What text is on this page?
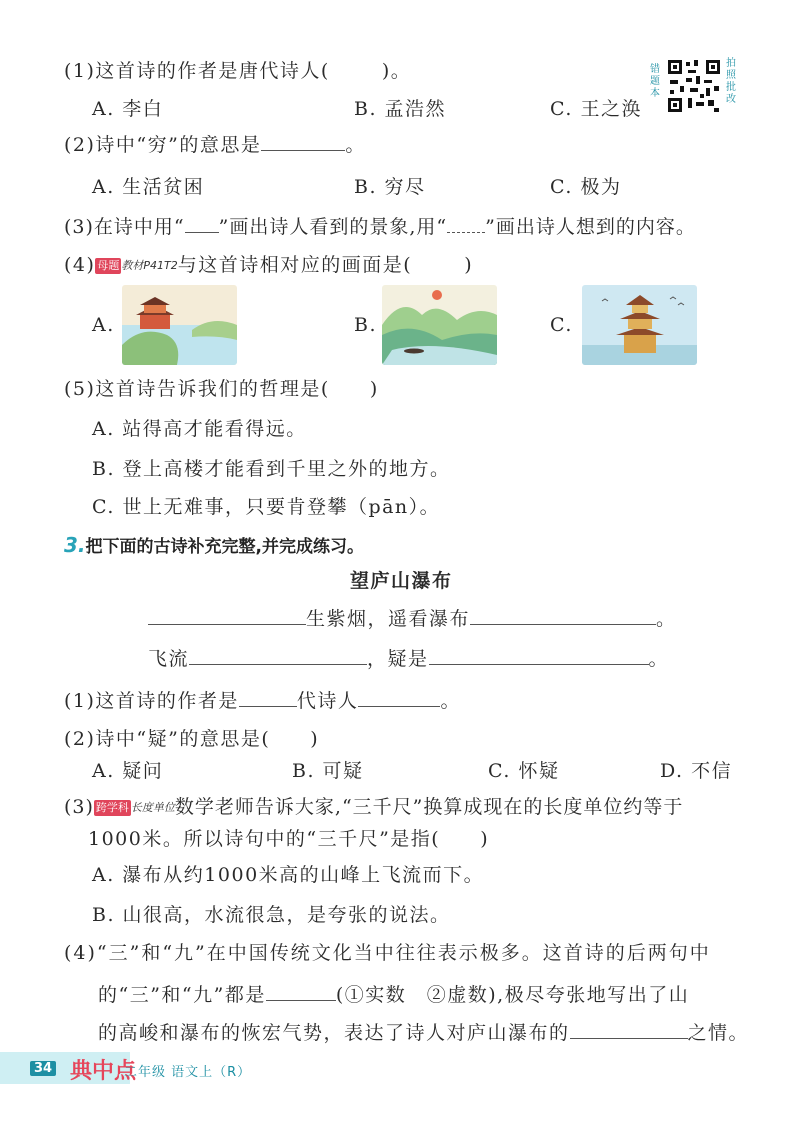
(1)这首诗的作者是唐代诗人(	)。
A. 李白	B. 孟浩然	C. 王之涣
错题本
拍照批改
(2)诗中“穷”的意思是	。
A. 生活贫困	B. 穷尽	C. 极为
(3)在诗中用“ ”画出诗人看到的景象,用“ ”画出诗人想到的内容。
(4) 母题 教材P41T2与这首诗相对应的画面是(	)
A.	B.	C.
(5)这首诗告诉我们的哲理是( )
A. 站得高才能看得远。
B. 登上高楼才能看到千里之外的地方。
C. 世上无难事，只要肯登攀（pān）。
3.把下面的古诗补充完整,并完成练习。
望庐山瀑布
生紫烟，遥看瀑布	。
飞流	，疑是	。
(1)这首诗的作者是	代诗人	。
(2)诗中“疑”的意思是( )
A. 疑问	B. 可疑	C. 怀疑	D. 不信
(3) 跨学科 长度单位数学老师告诉大家,“三千尺”换算成现在的长度单位约等于
1000米。所以诗句中的“三千尺”是指( )
A. 瀑布从约1000米高的山峰上飞流而下。
B. 山很高，水流很急，是夸张的说法。
(4)“三”和“九”在中国传统文化当中往往表示极多。这首诗的后两句中
的“三”和“九”都是	(①实数　②虚数),极尽夸张地写出了山
的高峻和瀑布的恢宏气势，表达了诗人对庐山瀑布的	之情。
34 典中点
二年级 语文上（R）
